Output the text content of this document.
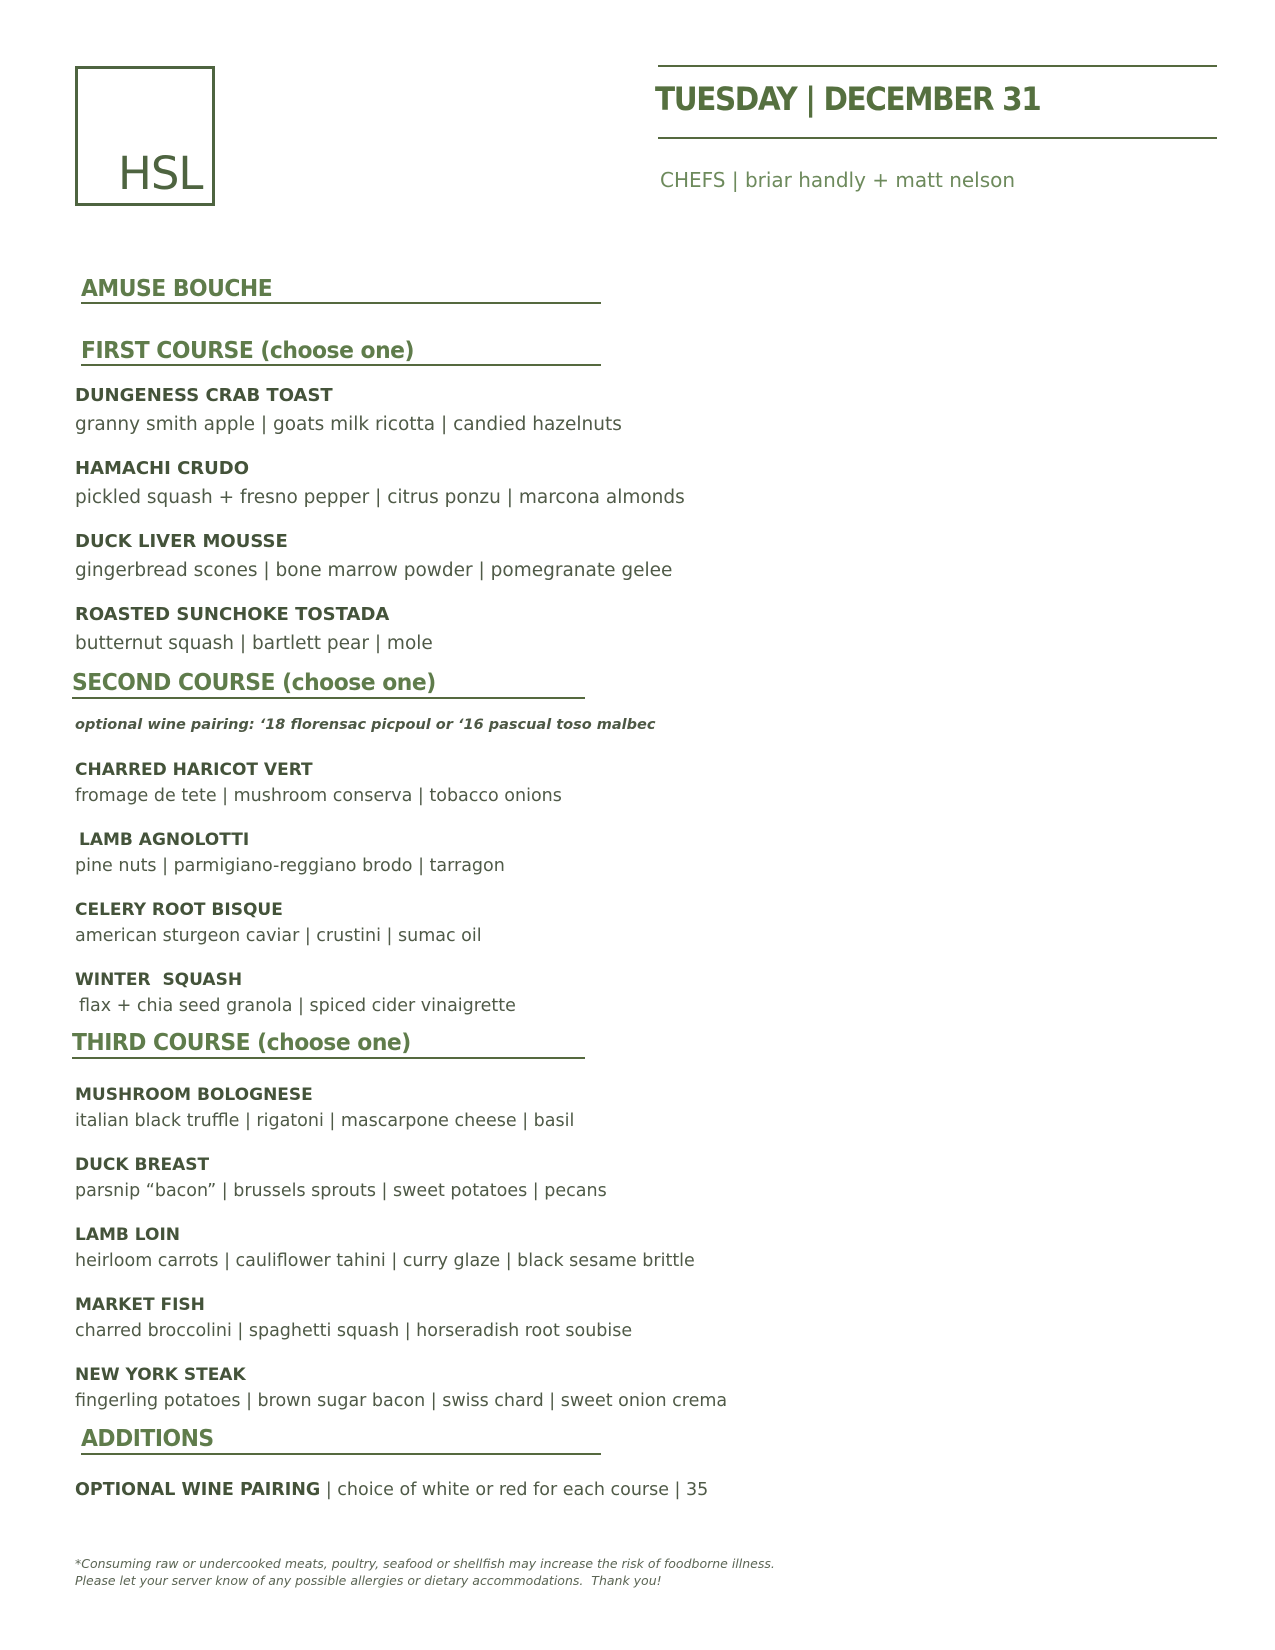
HSL
TUESDAY | DECEMBER 31
CHEFS | briar handly + matt nelson
AMUSE BOUCHE
FIRST COURSE (choose one)
DUNGENESS CRAB TOAST
granny smith apple | goats milk ricotta | candied hazelnuts
HAMACHI CRUDO
pickled squash + fresno pepper | citrus ponzu | marcona almonds
DUCK LIVER MOUSSE
gingerbread scones | bone marrow powder | pomegranate gelee
ROASTED SUNCHOKE TOSTADA
butternut squash | bartlett pear | mole
SECOND COURSE (choose one)
optional wine pairing: ‘18 florensac picpoul or ‘16 pascual toso malbec
CHARRED HARICOT VERT
fromage de tete | mushroom conserva | tobacco onions
LAMB AGNOLOTTI
pine nuts | parmigiano-reggiano brodo | tarragon
CELERY ROOT BISQUE
american sturgeon caviar | crustini | sumac oil
WINTER  SQUASH
flax + chia seed granola | spiced cider vinaigrette
THIRD COURSE (choose one)
MUSHROOM BOLOGNESE
italian black truffle | rigatoni | mascarpone cheese | basil
DUCK BREAST
parsnip “bacon” | brussels sprouts | sweet potatoes | pecans
LAMB LOIN
heirloom carrots | cauliflower tahini | curry glaze | black sesame brittle
MARKET FISH
charred broccolini | spaghetti squash | horseradish root soubise
NEW YORK STEAK
fingerling potatoes | brown sugar bacon | swiss chard | sweet onion crema
ADDITIONS
OPTIONAL WINE PAIRING | choice of white or red for each course | 35
*Consuming raw or undercooked meats, poultry, seafood or shellfish may increase the risk of foodborne illness.
Please let your server know of any possible allergies or dietary accommodations.  Thank you!
